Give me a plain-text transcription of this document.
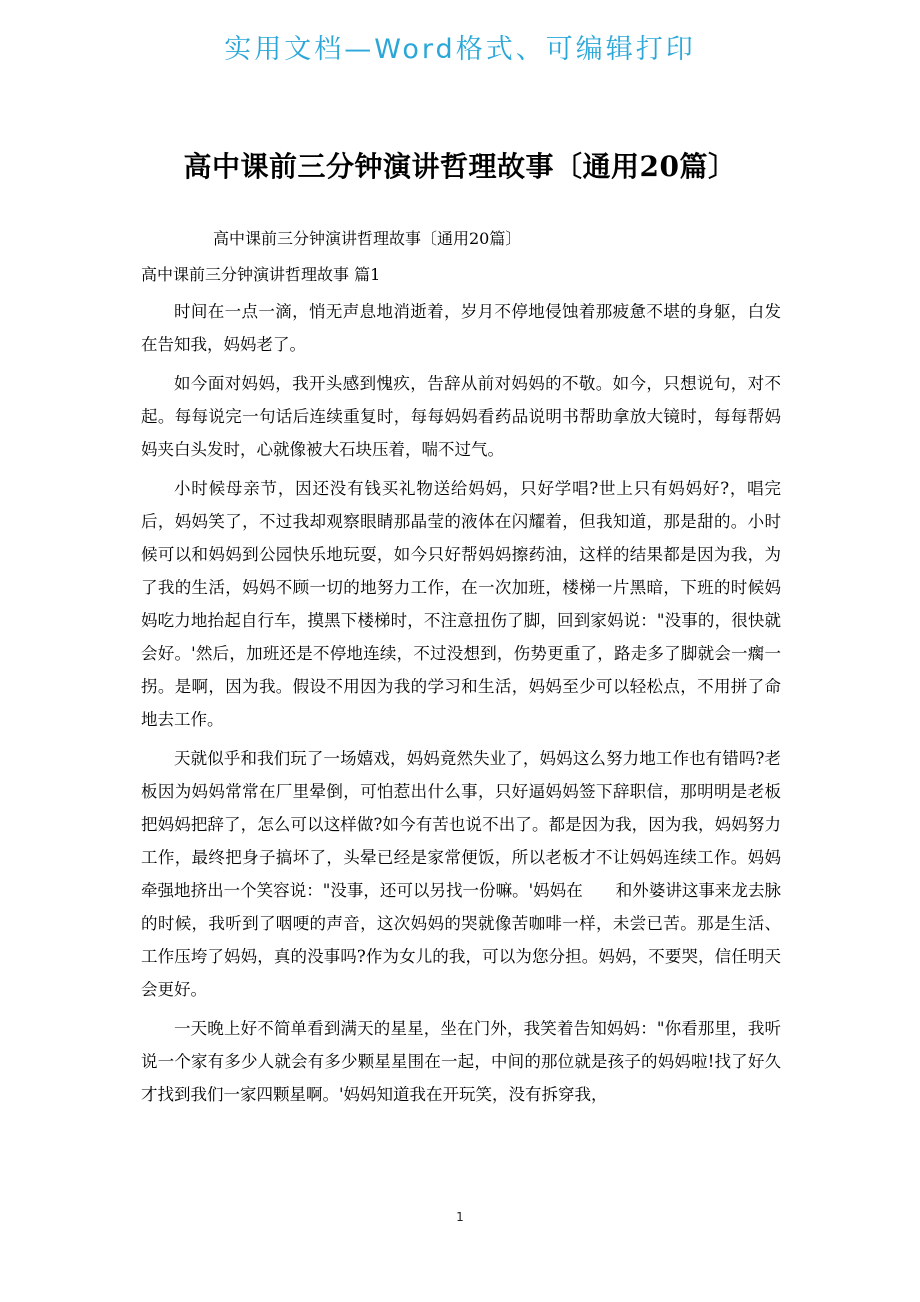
实用文档—Word格式、可编辑打印
高中课前三分钟演讲哲理故事〔通用20篇〕
高中课前三分钟演讲哲理故事〔通用20篇〕
高中课前三分钟演讲哲理故事 篇1

时间在一点一滴，悄无声息地消逝着，岁月不停地侵蚀着那疲惫不堪的身躯，白发在告知我，妈妈老了。

如今面对妈妈，我开头感到愧疚，告辞从前对妈妈的不敬。如今，只想说句，对不起。每每说完一句话后连续重复时，每每妈妈看药品说明书帮助拿放大镜时，每每帮妈妈夹白头发时，心就像被大石块压着，喘不过气。

小时候母亲节，因还没有钱买礼物送给妈妈，只好学唱?世上只有妈妈好?，唱完后，妈妈笑了，不过我却观察眼睛那晶莹的液体在闪耀着，但我知道，那是甜的。小时候可以和妈妈到公园快乐地玩耍，如今只好帮妈妈擦药油，这样的结果都是因为我，为了我的生活，妈妈不顾一切的地努力工作，在一次加班，楼梯一片黑暗，下班的时候妈妈吃力地抬起自行车，摸黑下楼梯时，不注意扭伤了脚，回到家妈说："没事的，很快就会好。'然后，加班还是不停地连续，不过没想到，伤势更重了，路走多了脚就会一瘸一拐。是啊，因为我。假设不用因为我的学习和生活，妈妈至少可以轻松点，不用拼了命地去工作。

天就似乎和我们玩了一场嬉戏，妈妈竟然失业了，妈妈这么努力地工作也有错吗?老板因为妈妈常常在厂里晕倒，可怕惹出什么事，只好逼妈妈签下辞职信，那明明是老板把妈妈把辞了，怎么可以这样做?如今有苦也说不出了。都是因为我，因为我，妈妈努力工作，最终把身子搞坏了，头晕已经是家常便饭，所以老板才不让妈妈连续工作。妈妈牵强地挤出一个笑容说："没事，还可以另找一份嘛。'妈妈在　　和外婆讲这事来龙去脉的时候，我听到了咽哽的声音，这次妈妈的哭就像苦咖啡一样，未尝已苦。那是生活、工作压垮了妈妈，真的没事吗?作为女儿的我，可以为您分担。妈妈，不要哭，信任明天会更好。

一天晚上好不简单看到满天的星星，坐在门外，我笑着告知妈妈："你看那里，我听说一个家有多少人就会有多少颗星星围在一起，中间的那位就是孩子的妈妈啦!找了好久才找到我们一家四颗星啊。'妈妈知道我在开玩笑，没有拆穿我，

1
